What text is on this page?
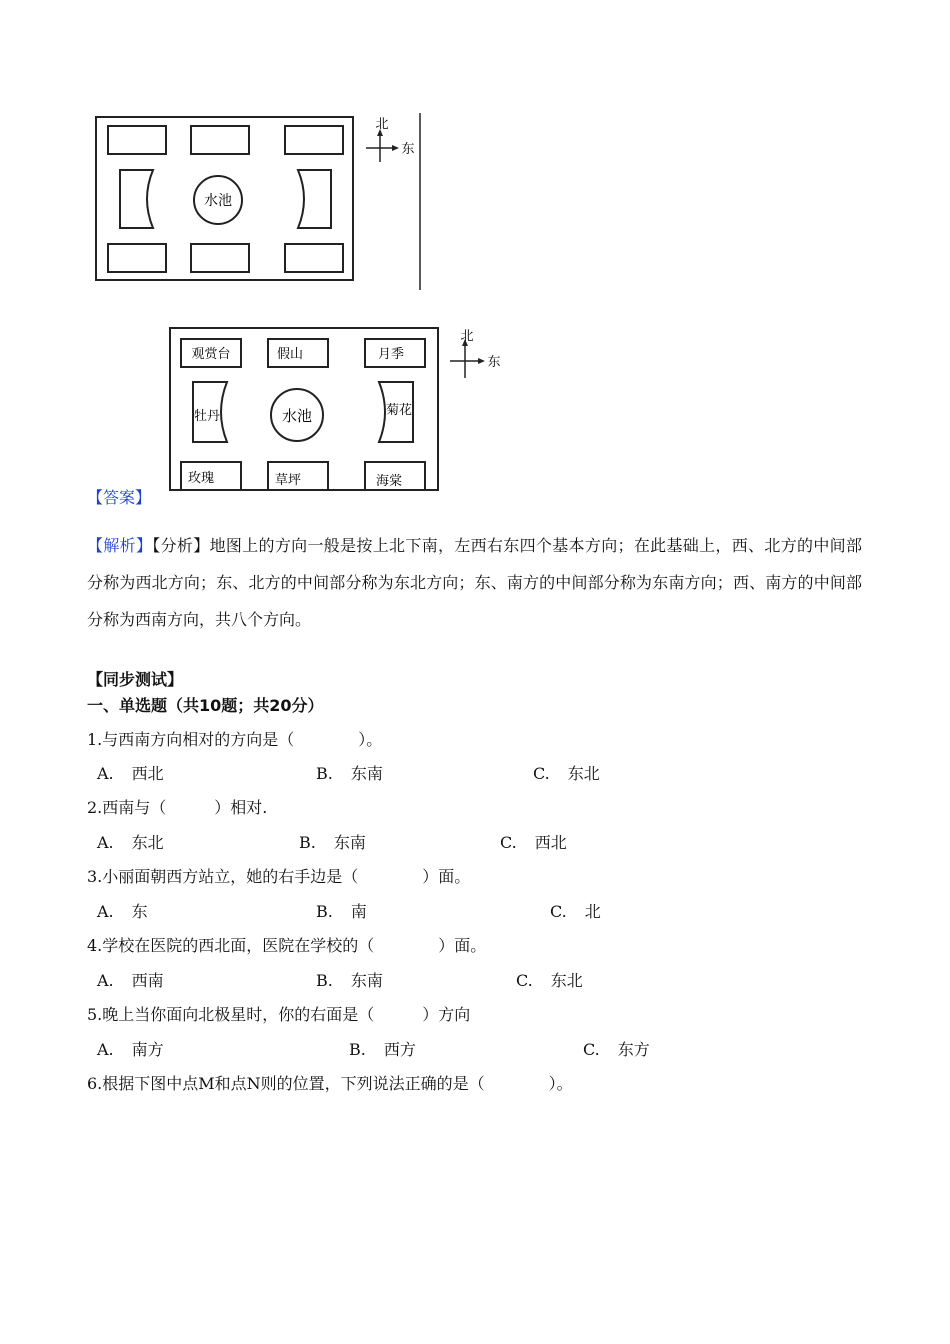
水池
北
东
水池
观赏台	假山	月季
牡丹	菊花
玫瑰	草坪	海棠
北
东
【答案】
【解析】【分析】地图上的方向一般是按上北下南，左西右东四个基本方向；在此基础上，西、北方的中间部分称为西北方向；东、北方的中间部分称为东北方向；东、南方的中间部分称为东南方向；西、南方的中间部分称为西南方向，共八个方向。
【同步测试】
一、单选题（共10题；共20分）
1.与西南方向相对的方向是（　　　　）。
A. 西北	B. 东南	C. 东北
2.西南与（　　　）相对.
A. 东北	B. 东南	C. 西北
3.小丽面朝西方站立，她的右手边是（　　　　）面。
A. 东	B. 南	C. 北
4.学校在医院的西北面，医院在学校的（　　　　）面。
A. 西南	B. 东南	C. 东北
5.晚上当你面向北极星时，你的右面是（　　　）方向
A. 南方	B. 西方	C. 东方
6.根据下图中点M和点N则的位置，下列说法正确的是（　　　　）。
